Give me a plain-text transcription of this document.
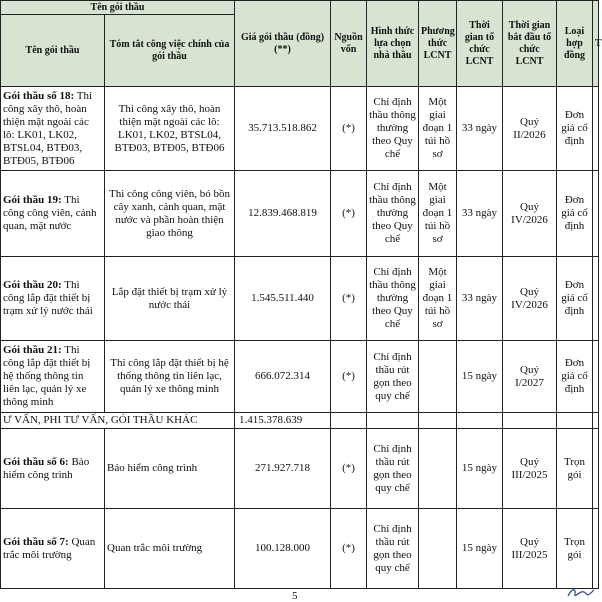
Tên gói thầu		Giá gói thầu (đồng) (**)	Nguồn vốn	Hình thức lựa chọn nhà thầu	Phương thức LCNT	Thời gian tổ chức LCNT	Thời gian bắt đầu tổ chức LCNT	Loại hợp đồng	T
Tên gói thầu	Tóm tắt công việc chính của gói thầu								
Gói thầu số 18: Thi công xây thô, hoàn thiện mặt ngoài các lô: LK01, LK02, BTSL04, BTĐ03, BTĐ05, BTĐ06	Thi công xây thô, hoàn thiện mặt ngoài các lô: LK01, LK02, BTSL04, BTĐ03, BTĐ05, BTĐ06	35.713.518.862	(*)	Chỉ định thầu thông thường theo Quy chế	Một giai đoạn 1 túi hồ sơ	33 ngày	Quý II/2026	Đơn giá cố định	
Gói thầu 19: Thi công công viên, cảnh quan, mặt nước	Thi công công viên, bó bồn cây xanh, cảnh quan, mặt nước và phần hoàn thiện giao thông	12.839.468.819	(*)	Chỉ định thầu thông thường theo Quy chế	Một giai đoạn 1 túi hồ sơ	33 ngày	Quý IV/2026	Đơn giá cố định	
Gói thầu 20: Thi công lắp đặt thiết bị trạm xử lý nước thải	Lắp đặt thiết bị trạm xử lý nước thải	1.545.511.440	(*)	Chỉ định thầu thông thường theo Quy chế	Một giai đoạn 1 túi hồ sơ	33 ngày	Quý IV/2026	Đơn giá cố định	
Gói thầu 21: Thi công lắp đặt thiết bị hệ thống thông tin liên lạc, quản lý xe thông minh	Thi công lắp đặt thiết bị hệ thống thông tin liên lạc, quản lý xe thông minh	666.072.314	(*)	Chỉ định thầu rút gọn theo quy chế		15 ngày	Quý I/2027	Đơn giá cố định	
Ư VẤN, PHI TƯ VẤN, GÓI THẦU KHÁC		1.415.378.639							
Gói thầu số 6: Bảo hiểm công trình	Bảo hiểm công trình	271.927.718	(*)	Chỉ định thầu rút gọn theo quy chế		15 ngày	Quý III/2025	Trọn gói	
Gói thầu số 7: Quan trắc môi trường	Quan trắc môi trường	100.128.000	(*)	Chỉ định thầu rút gọn theo quy chế		15 ngày	Quý III/2025	Trọn gói	
5
